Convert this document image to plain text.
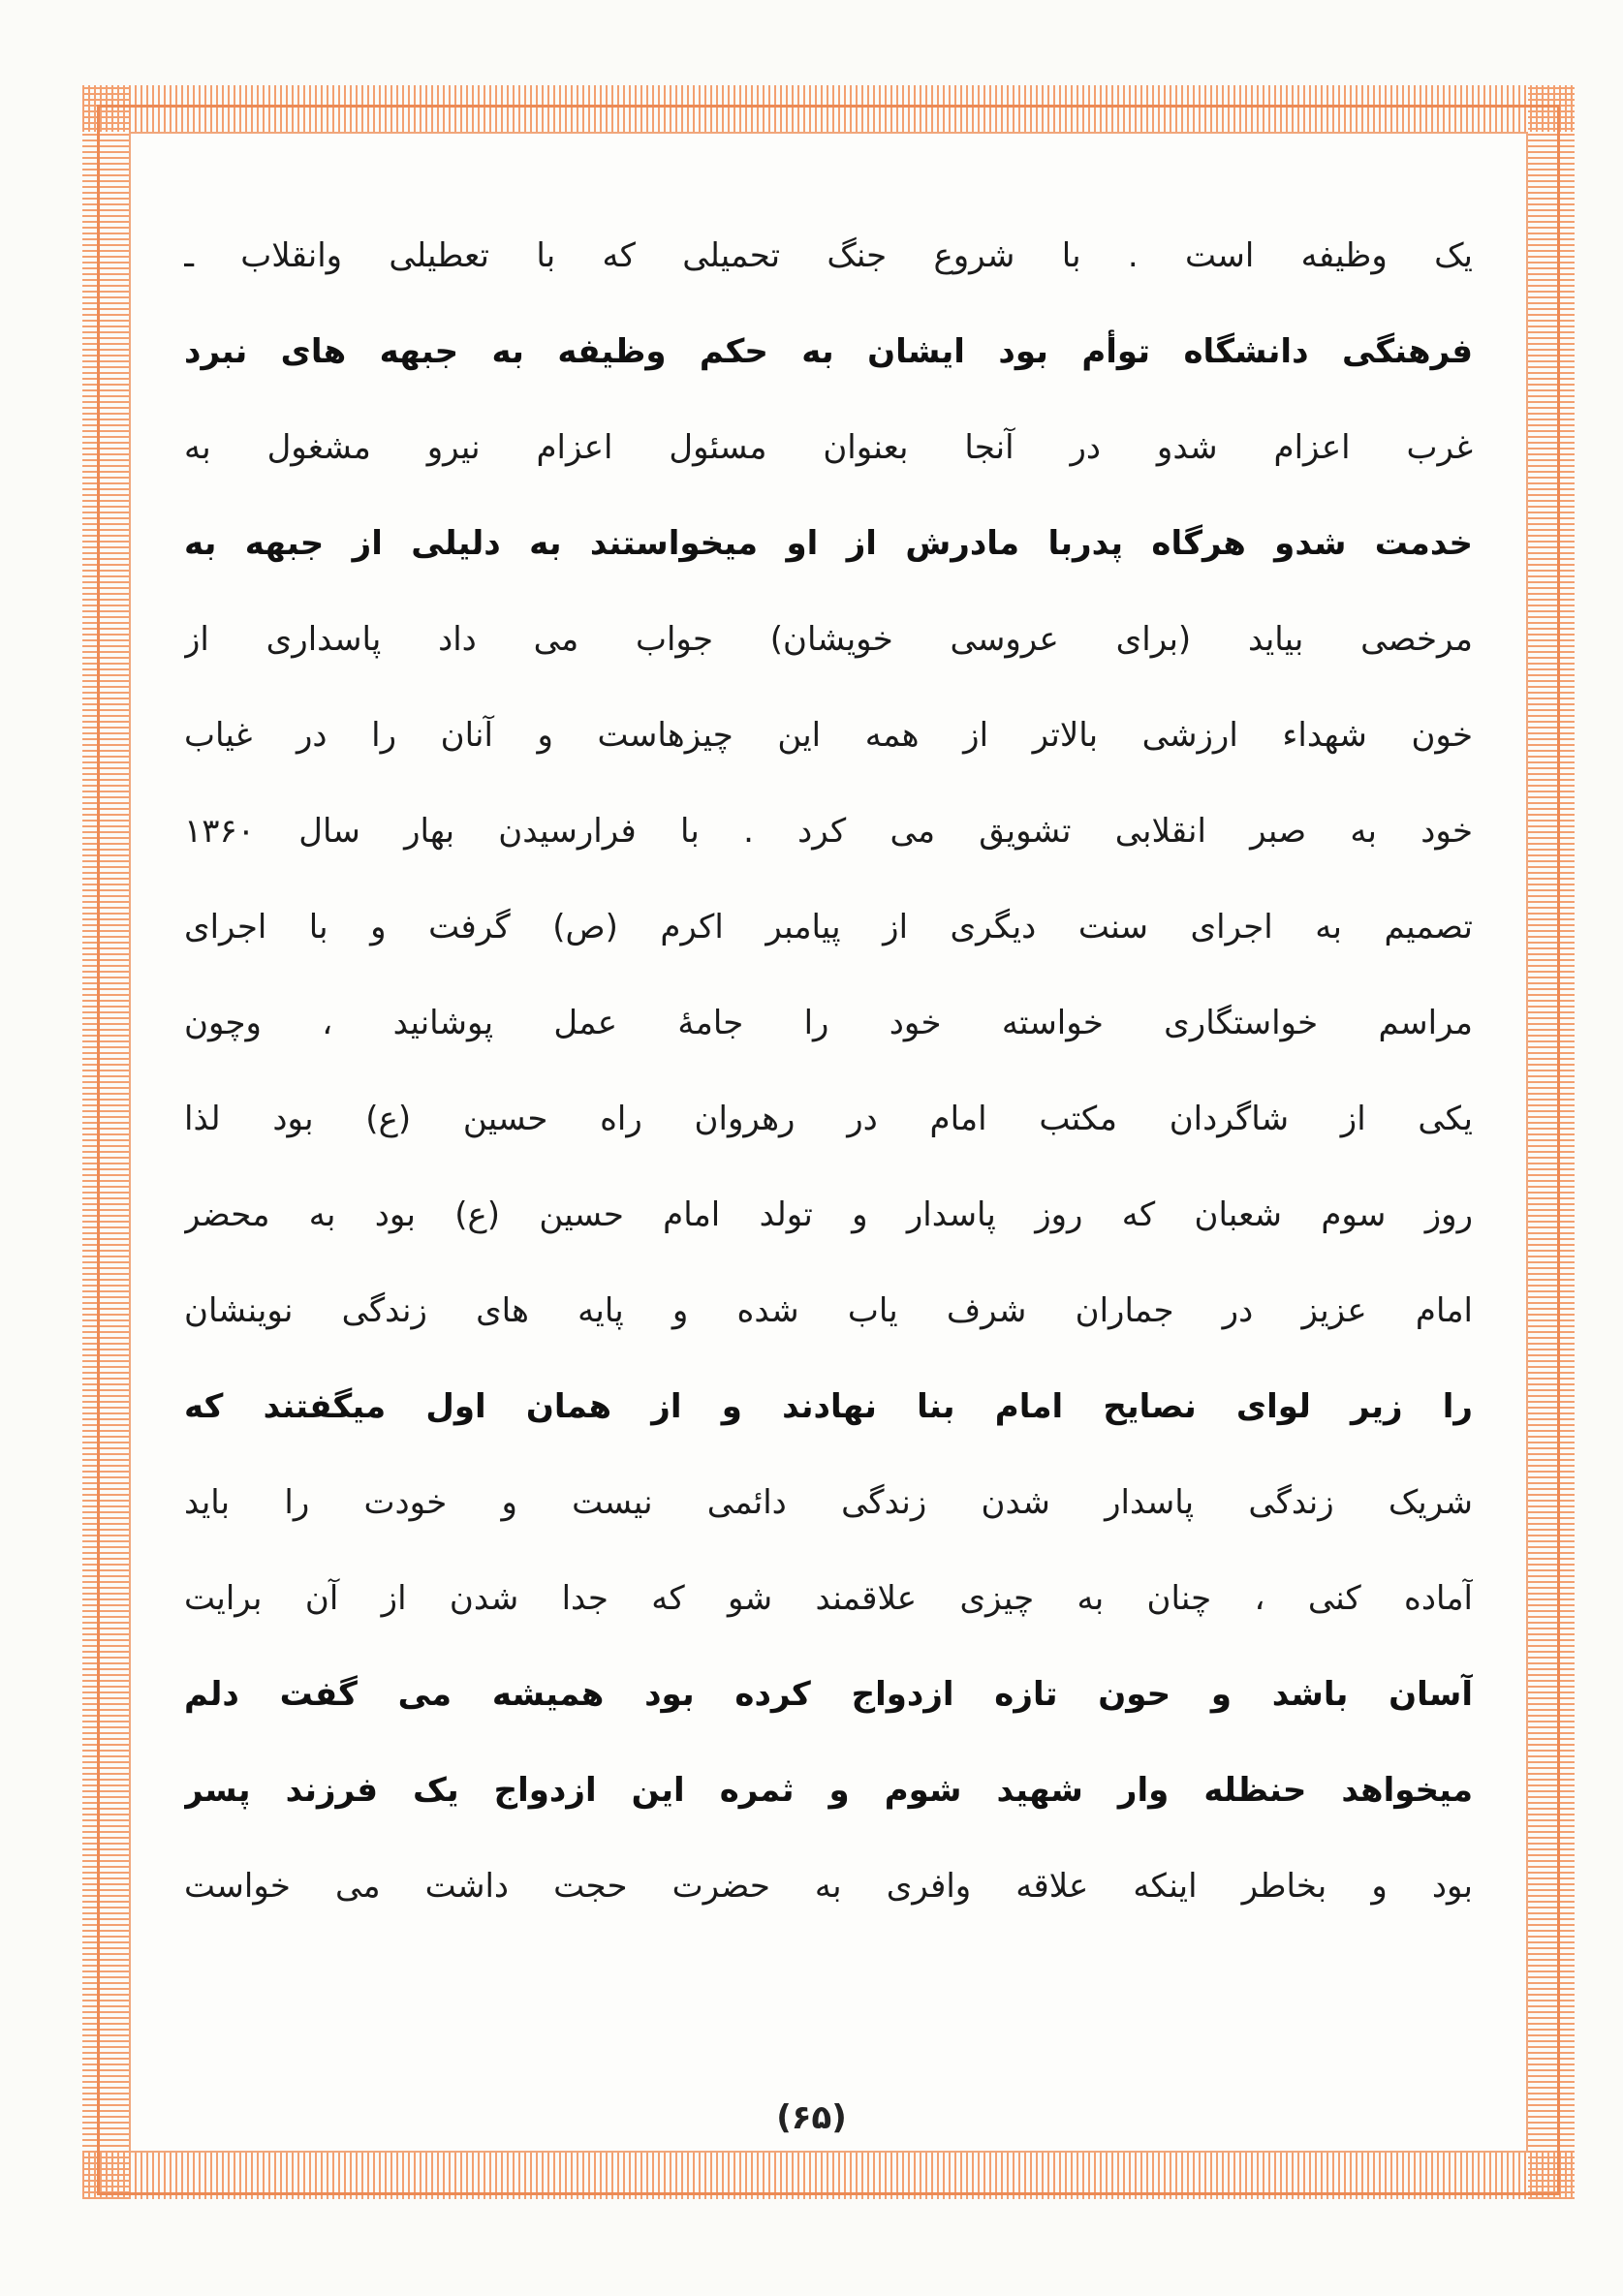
یک وظیفه است . با شروع جنگ تحمیلی که با تعطیلی وانقلاب ـ
فرهنگی دانشگاه توأم بود ایشان به حکم وظیفه به جبهه های نبرد
غرب اعزام شدو در آنجا بعنوان مسئول اعزام نیرو مشغول به
خدمت شدو هرگاه پدربا مادرش از او میخواستند به دلیلی از جبهه به
مرخصی بیاید (برای عروسی خویشان) جواب می داد پاسداری از
خون شهداء ارزشی بالاتر از همه این چیزهاست و آنان را در غیاب
خود به صبر انقلابی تشویق می کرد . با فرارسیدن بهار سال ۱۳۶۰
تصمیم به اجرای سنت دیگری از پیامبر اکرم (ص) گرفت و با اجرای
مراسم خواستگاری خواسته خود را جامهٔ عمل پوشانید ، وچون
یکی از شاگردان مکتب امام در رهروان راه حسین (ع) بود لذا
روز سوم شعبان که روز پاسدار و تولد امام حسین (ع) بود به محضر
امام عزیز در جماران شرف یاب شده و پایه های زندگی نوینشان
را زیر لوای نصایح امام بنا نهادند و از همان اول میگفتند که
شریک زندگی پاسدار شدن زندگی دائمی نیست و خودت را باید
آماده کنی ، چنان به چیزی علاقمند شو که جدا شدن از آن برایت
آسان باشد و حون تازه ازدواج کرده بود همیشه می گفت دلم
میخواهد حنظله وار شهید شوم و ثمره این ازدواج یک فرزند پسر
بود و بخاطر اینکه علاقه وافری به حضرت حجت داشت می خواست
(۶۵)
